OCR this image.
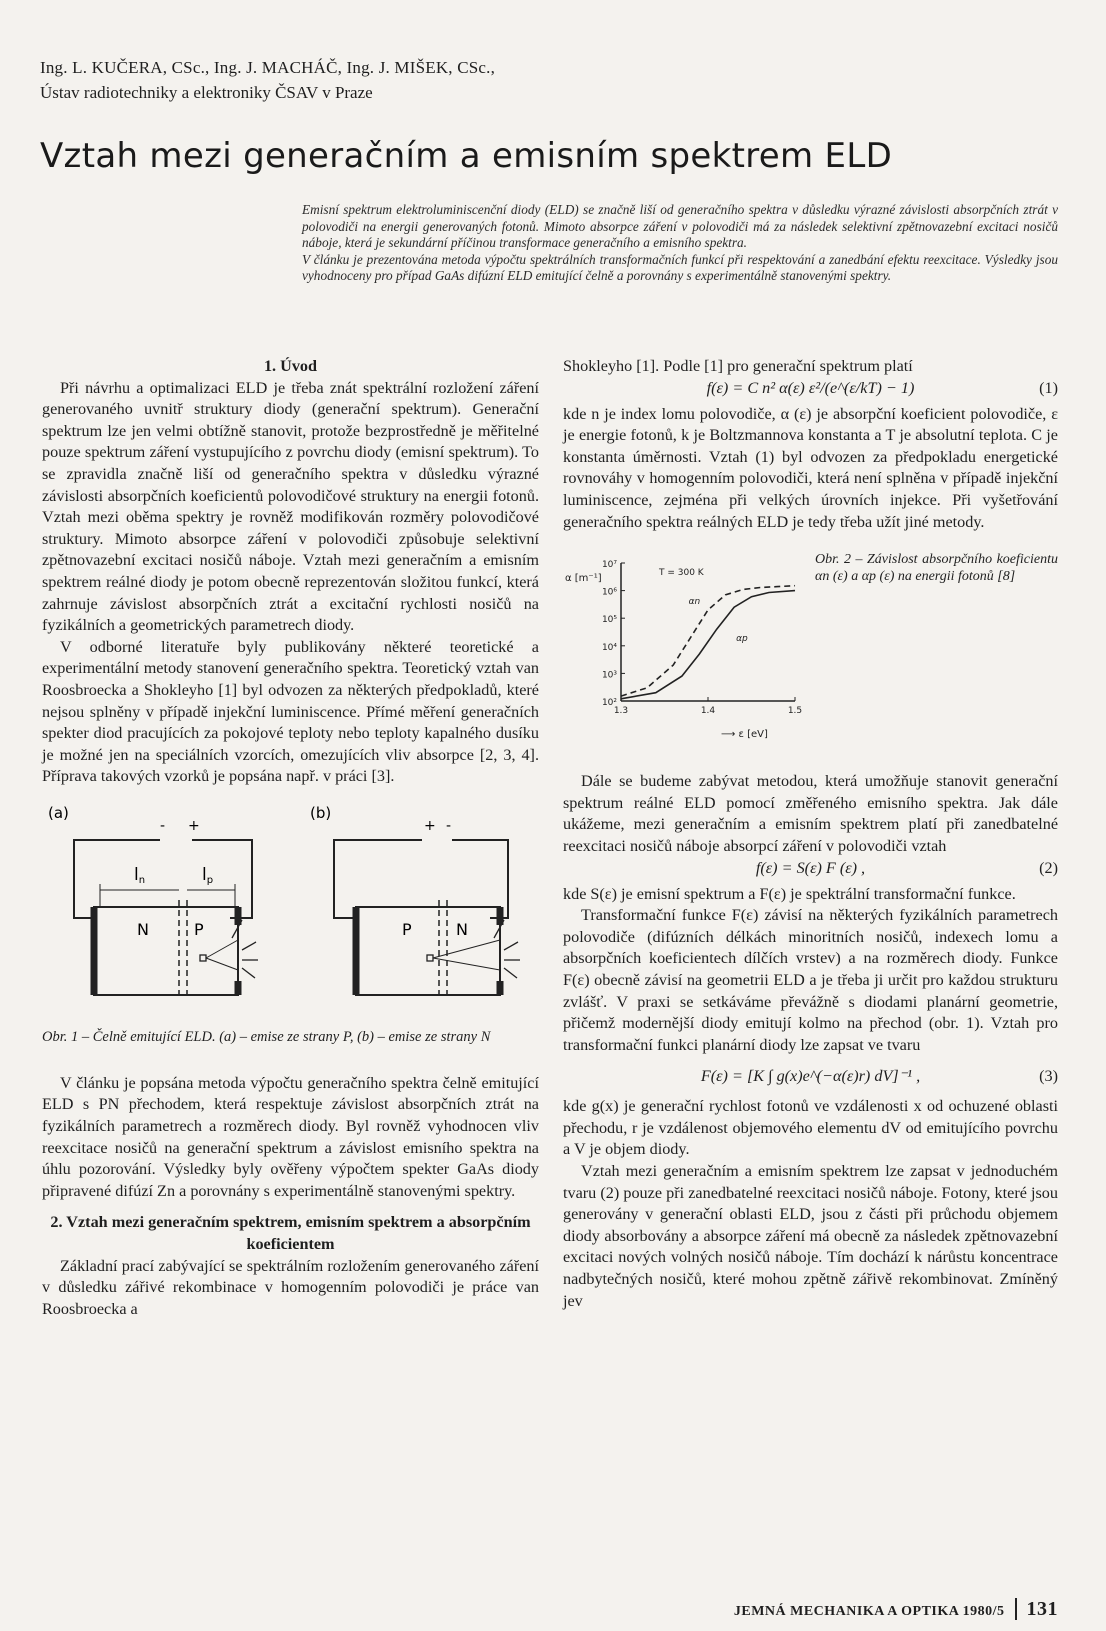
Ing. L. KUČERA, CSc., Ing. J. MACHÁČ, Ing. J. MIŠEK, CSc.,
Ústav radiotechniky a elektroniky ČSAV v Praze
Vztah mezi generačním a emisním spektrem ELD

Emisní spektrum elektroluminiscenční diody (ELD) se značně liší od generačního spektra v důsledku výrazné závislosti absorpčních ztrát v polovodiči na energii generovaných fotonů. Mimoto absorpce záření v polovodiči má za následek selektivní zpětnovazební excitaci nosičů náboje, která je sekundární příčinou transformace generačního a emisního spektra.

V článku je prezentována metoda výpočtu spektrálních transformačních funkcí při respektování a zanedbání efektu reexcitace. Výsledky jsou vyhodnoceny pro případ GaAs difúzní ELD emitující čelně a porovnány s experimentálně stanovenými spektry.

1. Úvod

Při návrhu a optimalizaci ELD je třeba znát spektrální rozložení záření generovaného uvnitř struktury diody (generační spektrum). Generační spektrum lze jen velmi obtížně stanovit, protože bezprostředně je měřitelné pouze spektrum záření vystupujícího z povrchu diody (emisní spektrum). To se zpravidla značně liší od generačního spektra v důsledku výrazné závislosti absorpčních koeficientů polovodičové struktury na energii fotonů. Vztah mezi oběma spektry je rovněž modifikován rozměry polovodičové struktury. Mimoto absorpce záření v polovodiči způsobuje selektivní zpětnovazební excitaci nosičů náboje. Vztah mezi generačním a emisním spektrem reálné diody je potom obecně reprezentován složitou funkcí, která zahrnuje závislost absorpčních ztrát a excitační rychlosti nosičů na fyzikálních a geometrických parametrech diody.

V odborné literatuře byly publikovány některé teoretické a experimentální metody stanovení generačního spektra. Teoretický vztah van Roosbroecka a Shokleyho [1] byl odvozen za některých předpokladů, které nejsou splněny v případě injekční luminiscence. Přímé měření generačních spekter diod pracujících za pokojové teploty nebo teploty kapalného dusíku je možné jen na speciálních vzorcích, omezujících vliv absorpce [2, 3, 4]. Příprava takových vzorků je popsána např. v práci [3].

(a)	(b)
- +
ln	lp
N	P
+ -
P	N
Obr. 1 – Čelně emitující ELD. (a) – emise ze strany P, (b) – emise ze strany N

V článku je popsána metoda výpočtu generačního spektra čelně emitující ELD s PN přechodem, která respektuje závislost absorpčních ztrát na fyzikálních parametrech a rozměrech diody. Byl rovněž vyhodnocen vliv reexcitace nosičů na generační spektrum a závislost emisního spektra na úhlu pozorování. Výsledky byly ověřeny výpočtem spekter GaAs diody připravené difúzí Zn a porovnány s experimentálně stanovenými spektry.

2. Vztah mezi generačním spektrem, emisním spektrem a absorpčním koeficientem

Základní prací zabývající se spektrálním rozložením generovaného záření v důsledku zářivé rekombinace v homogenním polovodiči je práce van Roosbroecka a

Shokleyho [1]. Podle [1] pro generační spektrum platí

f(ε) = C n² α(ε) ε²/(e^(ε/kT) − 1)	(1)

kde n je index lomu polovodiče, α (ε) je absorpční koeficient polovodiče, ε je energie fotonů, k je Boltzmannova konstanta a T je absolutní teplota. C je konstanta úměrnosti. Vztah (1) byl odvozen za předpokladu energetické rovnováhy v homogenním polovodiči, která není splněna v případě injekční luminiscence, zejména při velkých úrovních injekce. Při vyšetřování generačního spektra reálných ELD je tedy třeba užít jiné metody.

10⁷
10⁶
10⁵
10⁴
10³
10²
1.3	1.4	1.5
α [m⁻¹]
⟶ ε [eV]
T = 300 K
αn
αp
Obr. 2 – Závislost absorpčního koeficientu αn (ε) a αp (ε) na energii fotonů [8]

Dále se budeme zabývat metodou, která umožňuje stanovit generační spektrum reálné ELD pomocí změřeného emisního spektra. Jak dále ukážeme, mezi generačním a emisním spektrem platí při zanedbatelné reexcitaci nosičů náboje absorpcí záření v polovodiči vztah

f(ε) = S(ε) F (ε) ,	(2)

kde S(ε) je emisní spektrum a F(ε) je spektrální transformační funkce.

Transformační funkce F(ε) závisí na některých fyzikálních parametrech polovodiče (difúzních délkách minoritních nosičů, indexech lomu a absorpčních koeficientech dílčích vrstev) a na rozměrech diody. Funkce F(ε) obecně závisí na geometrii ELD a je třeba ji určit pro každou strukturu zvlášť. V praxi se setkáváme převážně s diodami planární geometrie, přičemž modernější diody emitují kolmo na přechod (obr. 1). Vztah pro transformační funkci planární diody lze zapsat ve tvaru

F(ε) = [K ∫ g(x)e^(−α(ε)r) dV]⁻¹ ,	(3)

kde g(x) je generační rychlost fotonů ve vzdálenosti x od ochuzené oblasti přechodu, r je vzdálenost objemového elementu dV od emitujícího povrchu a V je objem diody.

Vztah mezi generačním a emisním spektrem lze zapsat v jednoduchém tvaru (2) pouze při zanedbatelné reexcitaci nosičů náboje. Fotony, které jsou generovány v generační oblasti ELD, jsou z části při průchodu objemem diody absorbovány a absorpce záření má obecně za následek zpětnovazební excitaci nových volných nosičů náboje. Tím dochází k nárůstu koncentrace nadbytečných nosičů, které mohou zpětně zářivě rekombinovat. Zmíněný jev

JEMNÁ MECHANIKA A OPTIKA 1980/5 131
